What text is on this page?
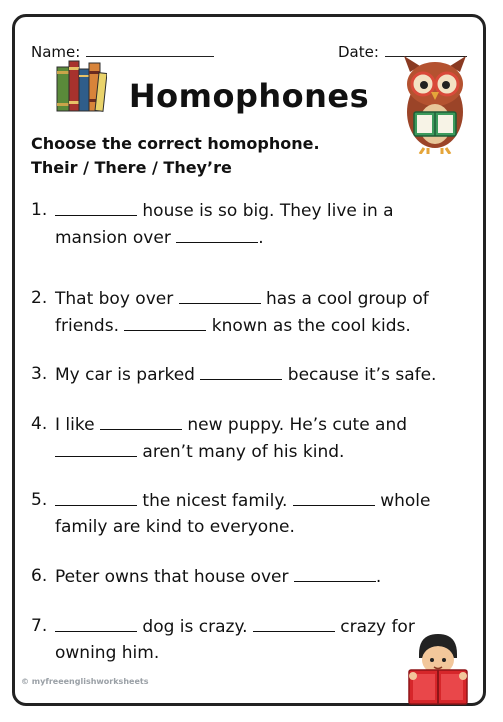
Name:	Date:
Homophones
Choose the correct homophone.
Their / There / They’re
1.	house is so big. They live in a mansion over	.
2. That boy over	has a cool group of friends.	known as the cool kids.
3. My car is parked	because it’s safe.
4. I like	new puppy. He’s cute and  aren’t many of his kind.
5.	the nicest family.	whole family are kind to everyone.
6. Peter owns that house over	.
7.	dog is crazy.	crazy for owning him.
© myfreeenglishworksheets
